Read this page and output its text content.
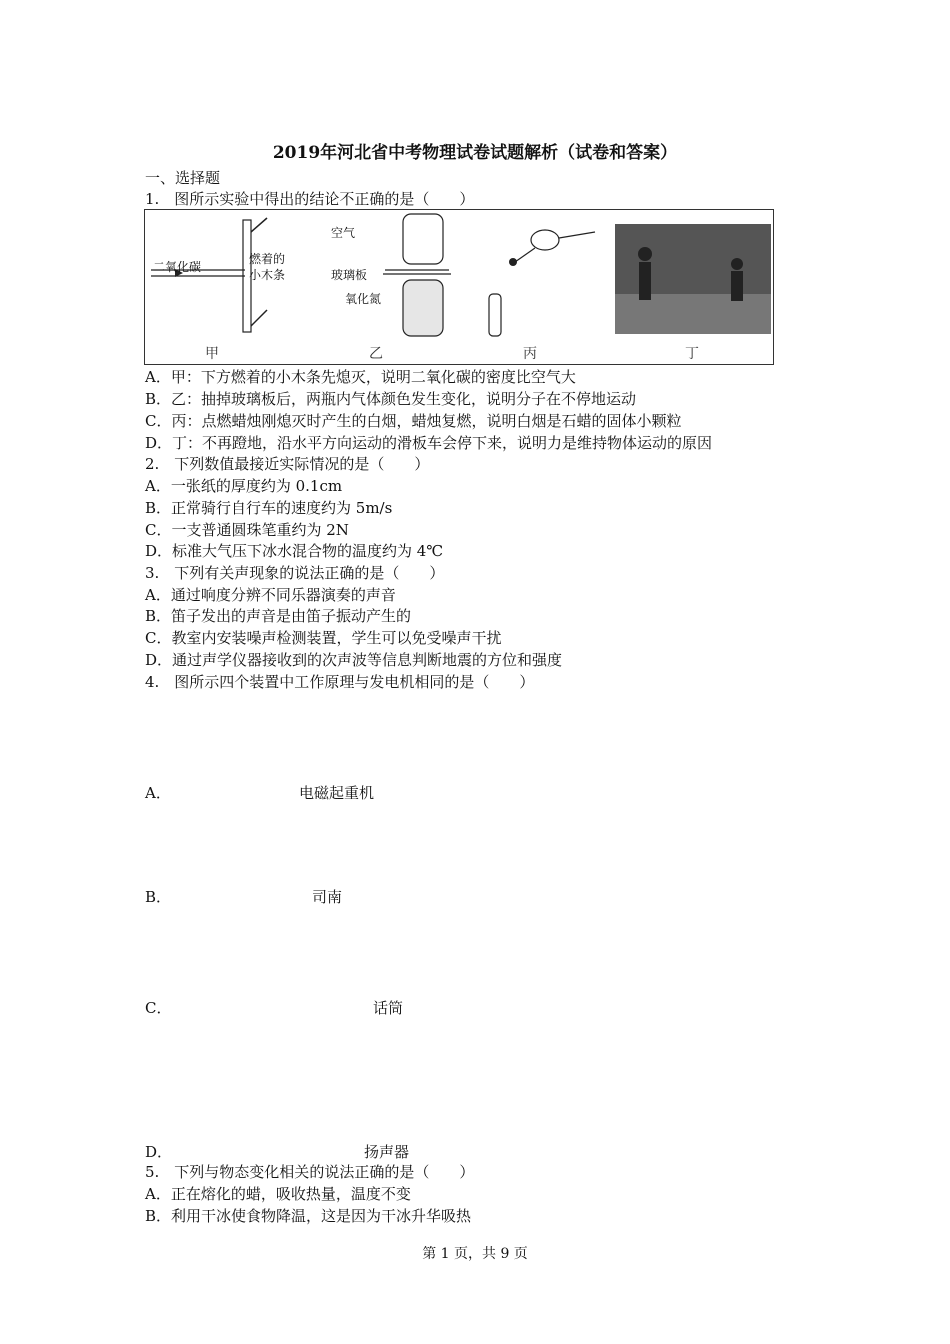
2019年河北省中考物理试卷试题解析（试卷和答案）
一、选择题
1.　图所示实验中得出的结论不正确的是（　　）
二氧化碳
燃着的
小木条
空气
玻璃板
氧化氮
甲	乙	丙	丁
A．甲：下方燃着的小木条先熄灭，说明二氧化碳的密度比空气大
B．乙：抽掉玻璃板后，两瓶内气体颜色发生变化，说明分子在不停地运动
C．丙：点燃蜡烛刚熄灭时产生的白烟，蜡烛复燃，说明白烟是石蜡的固体小颗粒
D．丁：不再蹬地，沿水平方向运动的滑板车会停下来，说明力是维持物体运动的原因
2.　下列数值最接近实际情况的是（　　）
A．一张纸的厚度约为 0.1cm
B．正常骑行自行车的速度约为 5m/s
C．一支普通圆珠笔重约为 2N
D．标准大气压下冰水混合物的温度约为 4℃
3.　下列有关声现象的说法正确的是（　　）
A．通过响度分辨不同乐器演奏的声音
B．笛子发出的声音是由笛子振动产生的
C．教室内安装噪声检测装置，学生可以免受噪声干扰
D．通过声学仪器接收到的次声波等信息判断地震的方位和强度
4.　图所示四个装置中工作原理与发电机相同的是（　　）
A．	电磁起重机
B．	司南
C．	话筒
D．	扬声器
5.　下列与物态变化相关的说法正确的是（　　）
A．正在熔化的蜡，吸收热量，温度不变
B．利用干冰使食物降温，这是因为干冰升华吸热
第 1 页，共 9 页
